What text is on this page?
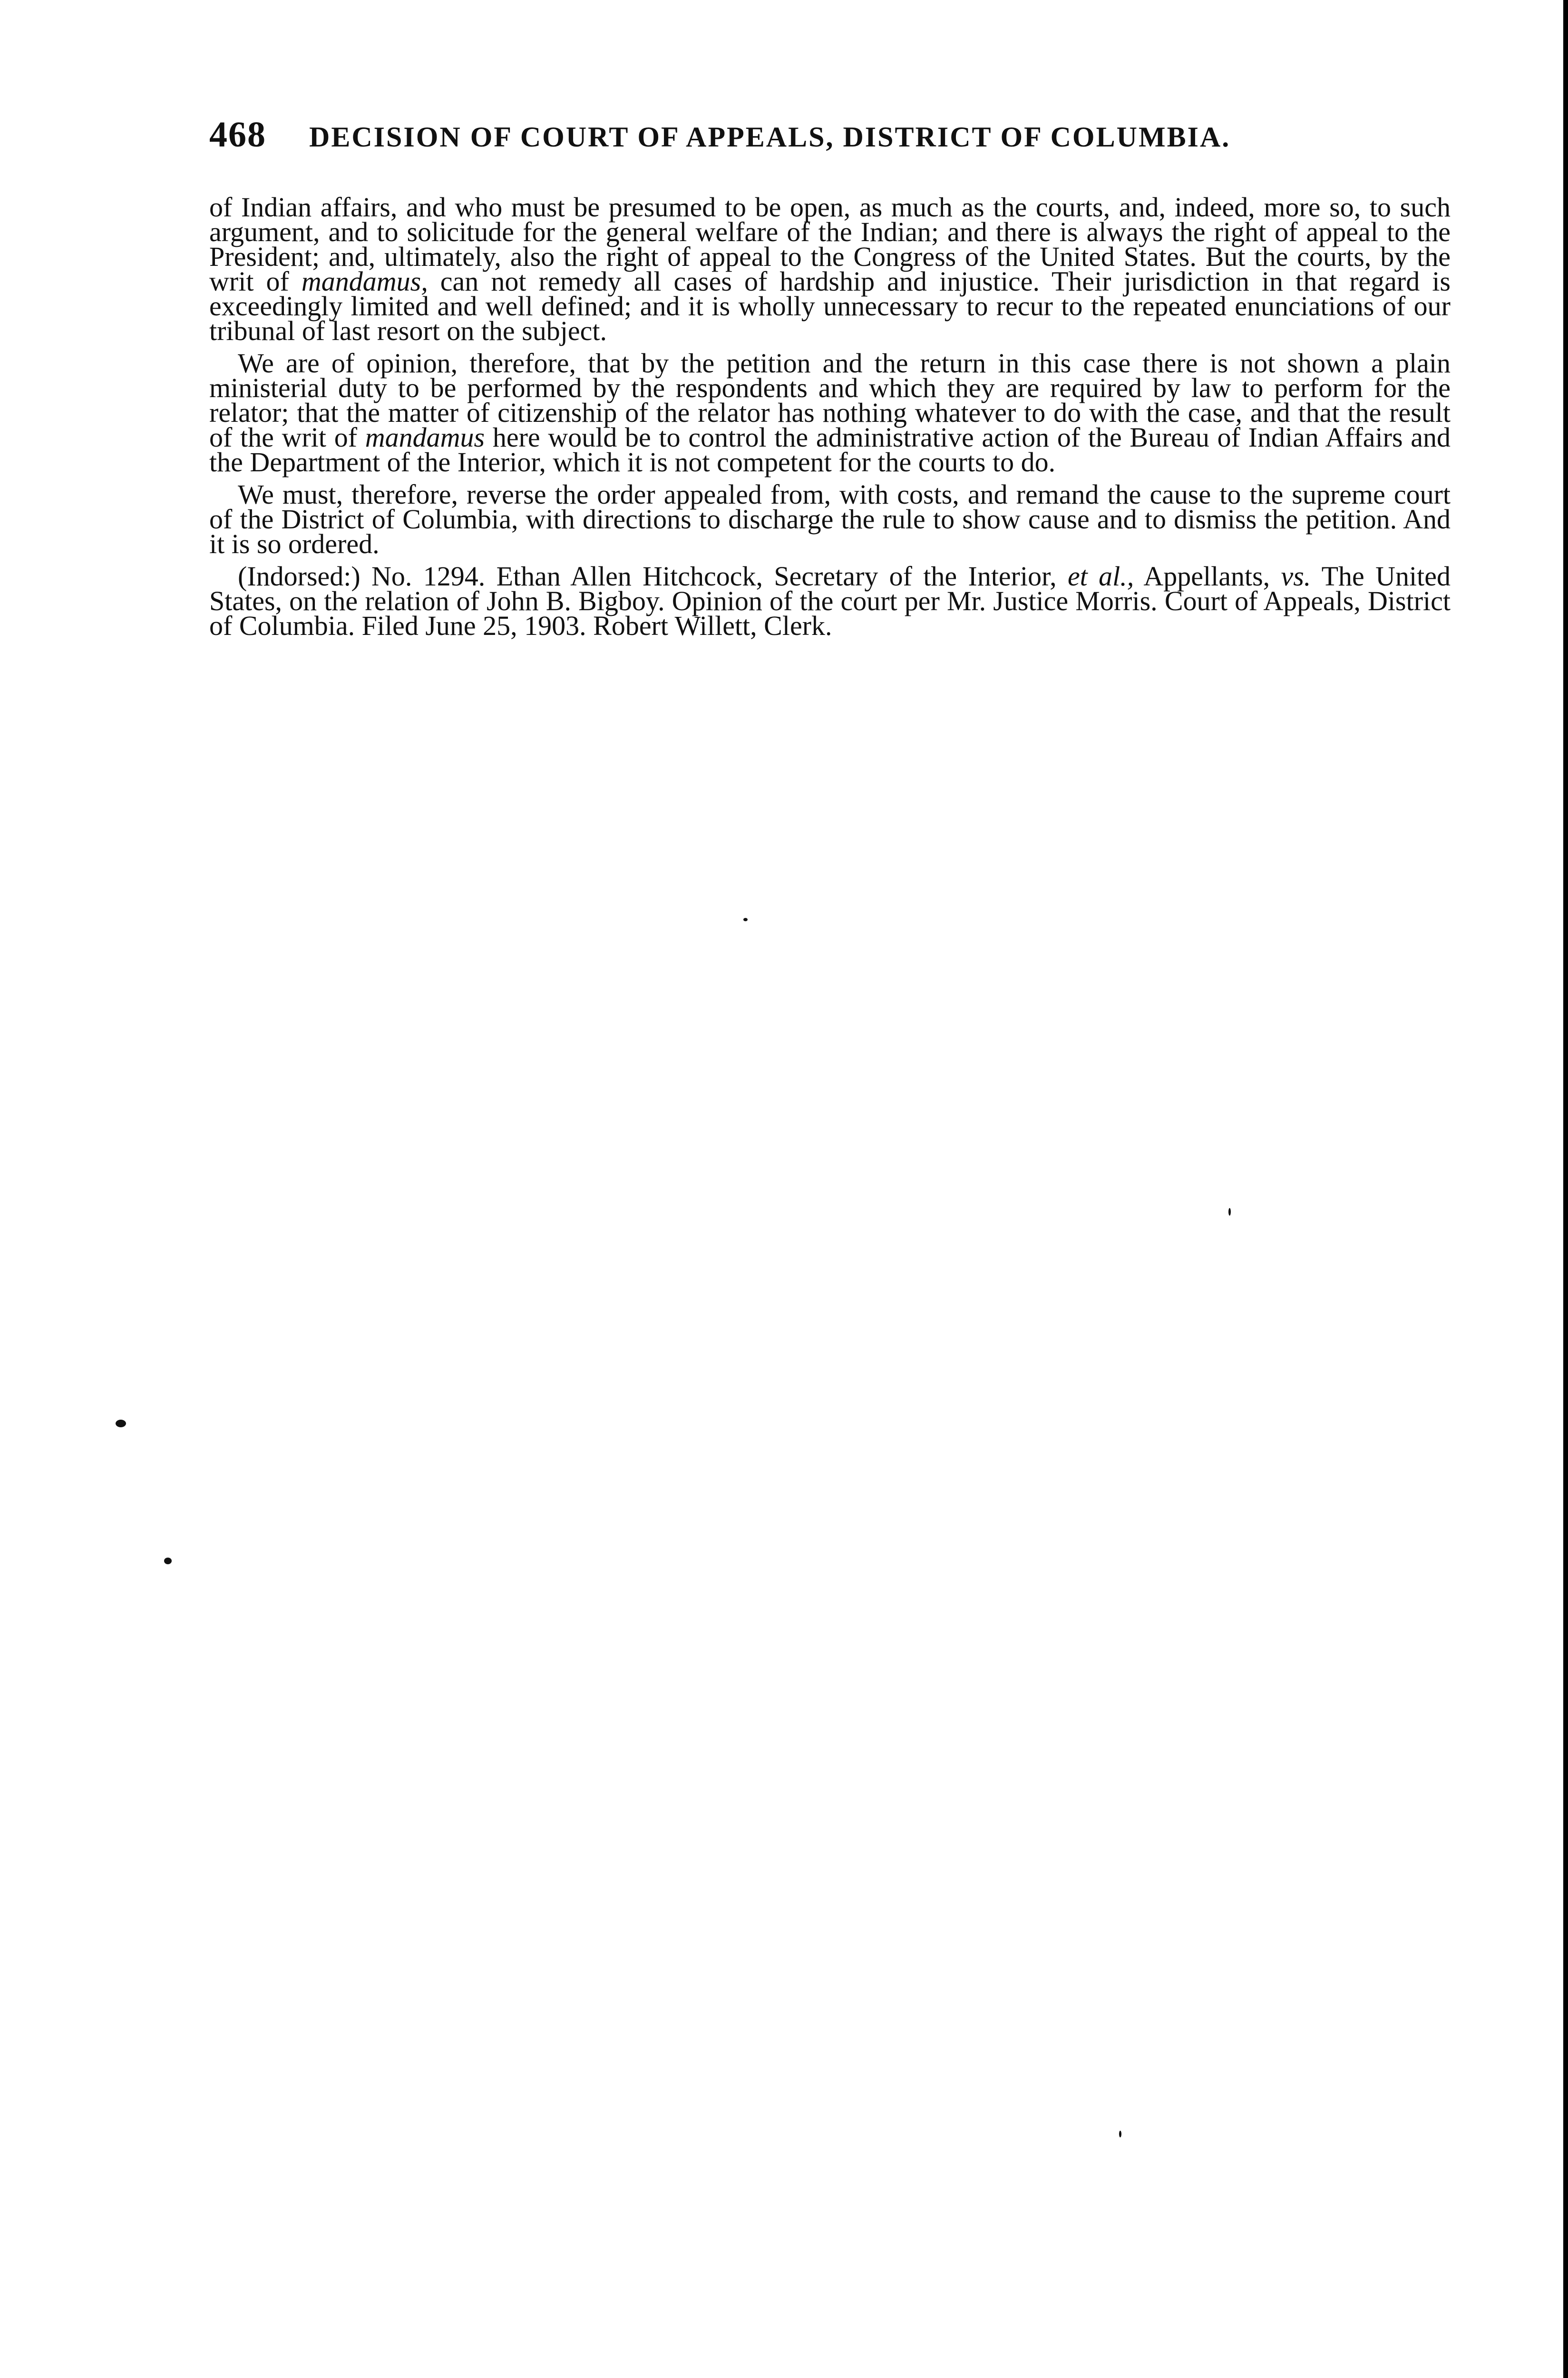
468 DECISION OF COURT OF APPEALS, DISTRICT OF COLUMBIA.

of Indian affairs, and who must be presumed to be open, as much as the courts, and, indeed, more so, to such argument, and to solicitude for the general welfare of the Indian; and there is always the right of appeal to the President; and, ultimately, also the right of appeal to the Congress of the United States. But the courts, by the writ of mandamus, can not remedy all cases of hardship and injustice. Their jurisdiction in that regard is exceedingly limited and well defined; and it is wholly unnecessary to recur to the repeated enunciations of our tribunal of last resort on the subject.

We are of opinion, therefore, that by the petition and the return in this case there is not shown a plain ministerial duty to be performed by the respondents and which they are required by law to perform for the relator; that the matter of citizenship of the relator has nothing whatever to do with the case, and that the result of the writ of mandamus here would be to control the administrative action of the Bureau of Indian Affairs and the Department of the Interior, which it is not competent for the courts to do.

We must, therefore, reverse the order appealed from, with costs, and remand the cause to the supreme court of the District of Columbia, with directions to discharge the rule to show cause and to dismiss the petition. And it is so ordered.

(Indorsed:) No. 1294. Ethan Allen Hitchcock, Secretary of the Interior, et al., Appellants, vs. The United States, on the relation of John B. Bigboy. Opinion of the court per Mr. Justice Morris. Court of Appeals, District of Columbia. Filed June 25, 1903. Robert Willett, Clerk.
